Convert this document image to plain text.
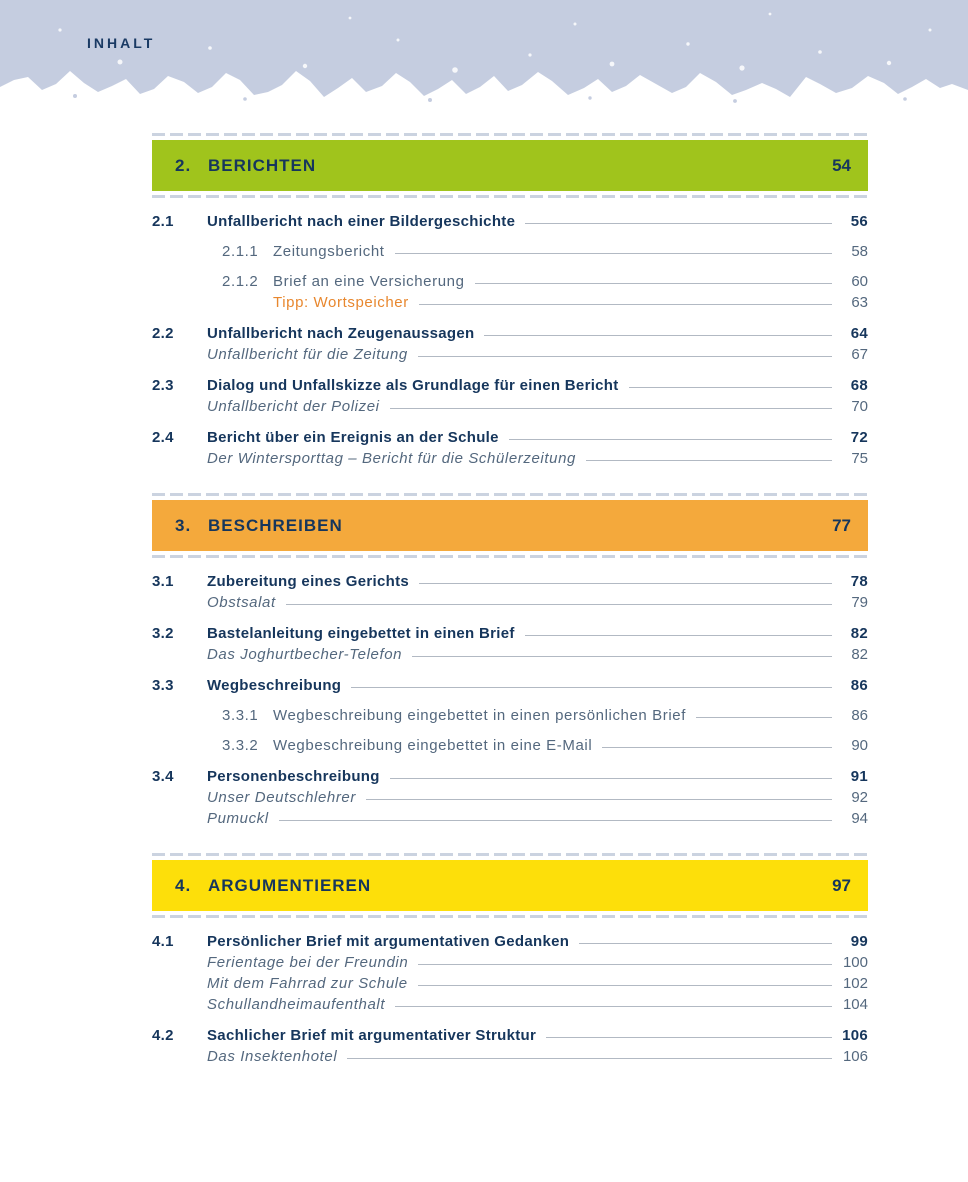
INHALT
2. BERICHTEN	54
2.1	Unfallbericht nach einer Bildergeschichte	56
2.1.1 Zeitungsbericht	58
2.1.2 Brief an eine Versicherung	60
Tipp: Wortspeicher	63
2.2	Unfallbericht nach Zeugenaussagen	64
Unfallbericht für die Zeitung	67
2.3	Dialog und Unfallskizze als Grundlage für einen Bericht	68
Unfallbericht der Polizei	70
2.4	Bericht über ein Ereignis an der Schule	72
Der Wintersporttag – Bericht für die Schülerzeitung	75
3. BESCHREIBEN	77
3.1	Zubereitung eines Gerichts	78
Obstsalat	79
3.2	Bastelanleitung eingebettet in einen Brief	82
Das Joghurtbecher-Telefon	82
3.3	Wegbeschreibung	86
3.3.1 Wegbeschreibung eingebettet in einen persönlichen Brief	86
3.3.2 Wegbeschreibung eingebettet in eine E-Mail	90
3.4	Personenbeschreibung	91
Unser Deutschlehrer	92
Pumuckl	94
4. ARGUMENTIEREN	97
4.1	Persönlicher Brief mit argumentativen Gedanken	99
Ferientage bei der Freundin	100
Mit dem Fahrrad zur Schule	102
Schullandheimaufenthalt	104
4.2	Sachlicher Brief mit argumentativer Struktur	106
Das Insektenhotel	106
